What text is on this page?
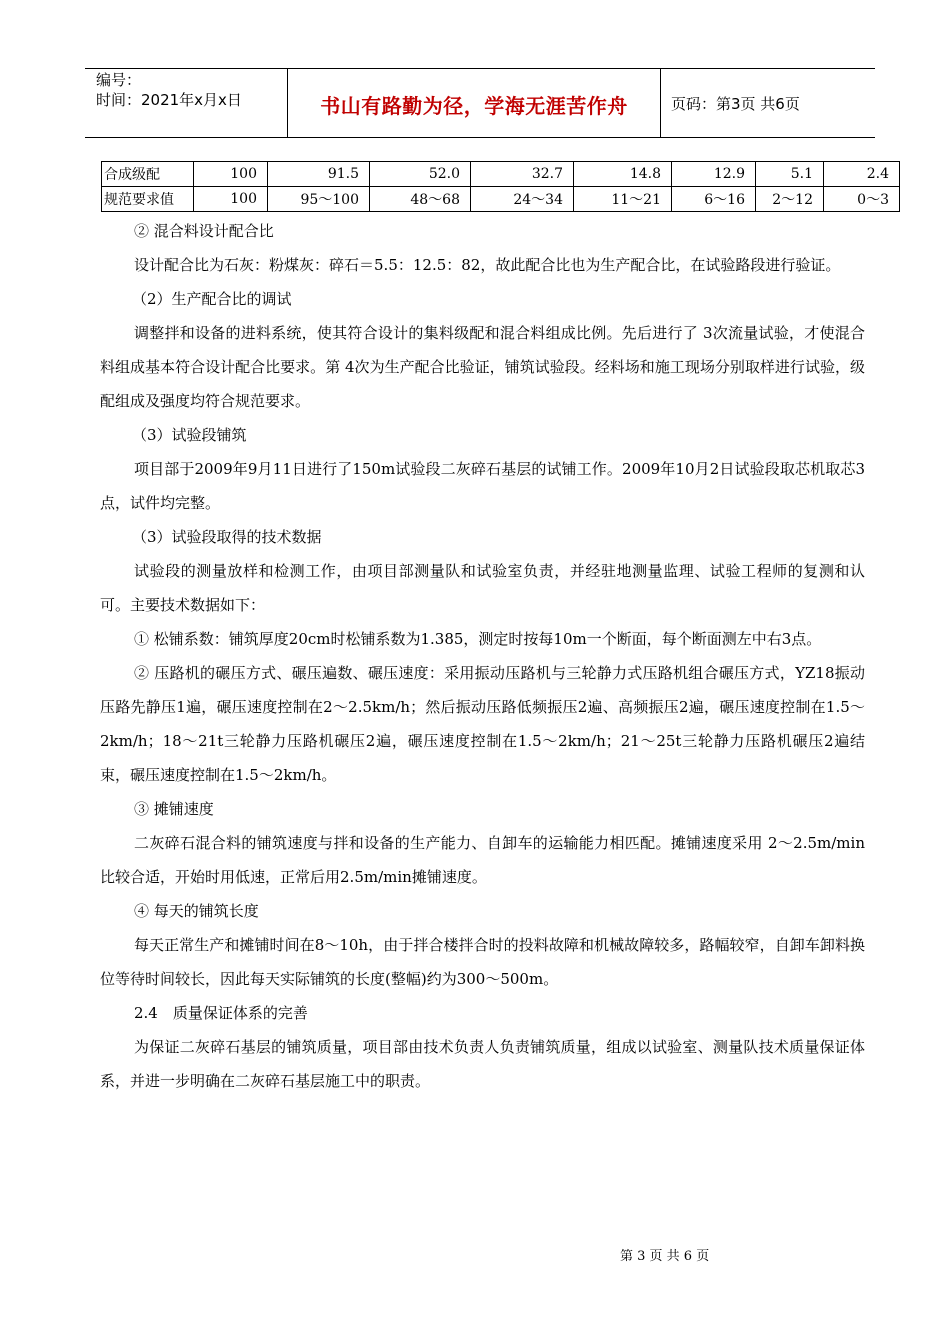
编号：
时间：2021年x月x日	书山有路勤为径，学海无涯苦作舟	页码：第3页 共6页
合成级配	100	91.5	52.0	32.7	14.8	12.9	5.1	2.4
规范要求值	100	95～100	48～68	24～34	11～21	6～16	2～12	0～3

② 混合料设计配合比

设计配合比为石灰：粉煤灰：碎石＝5.5：12.5：82，故此配合比也为生产配合比，在试验路段进行验证。

（2）生产配合比的调试

调整拌和设备的进料系统，使其符合设计的集料级配和混合料组成比例。先后进行了 3次流量试验，才使混合料组成基本符合设计配合比要求。第 4次为生产配合比验证，铺筑试验段。经料场和施工现场分别取样进行试验，级配组成及强度均符合规范要求。

（3）试验段铺筑

项目部于2009年9月11日进行了150m试验段二灰碎石基层的试铺工作。2009年10月2日试验段取芯机取芯3点，试件均完整。

（3）试验段取得的技术数据

试验段的测量放样和检测工作，由项目部测量队和试验室负责，并经驻地测量监理、试验工程师的复测和认可。主要技术数据如下：

① 松铺系数：铺筑厚度20cm时松铺系数为1.385，测定时按每10m一个断面，每个断面测左中右3点。

② 压路机的碾压方式、碾压遍数、碾压速度：采用振动压路机与三轮静力式压路机组合碾压方式，YZ18振动压路先静压1遍，碾压速度控制在2～2.5km/h；然后振动压路低频振压2遍、高频振压2遍，碾压速度控制在1.5～2km/h；18～21t三轮静力压路机碾压2遍，碾压速度控制在1.5～2km/h；21～25t三轮静力压路机碾压2遍结束，碾压速度控制在1.5～2km/h。

③ 摊铺速度

二灰碎石混合料的铺筑速度与拌和设备的生产能力、自卸车的运输能力相匹配。摊铺速度采用 2～2.5m/min比较合适，开始时用低速，正常后用2.5m/min摊铺速度。

④ 每天的铺筑长度

每天正常生产和摊铺时间在8～10h，由于拌合楼拌合时的投料故障和机械故障较多，路幅较窄，自卸车卸料换位等待时间较长，因此每天实际铺筑的长度(整幅)约为300～500m。

2.4　质量保证体系的完善

为保证二灰碎石基层的铺筑质量，项目部由技术负责人负责铺筑质量，组成以试验室、测量队技术质量保证体系，并进一步明确在二灰碎石基层施工中的职责。

第 3 页 共 6 页
